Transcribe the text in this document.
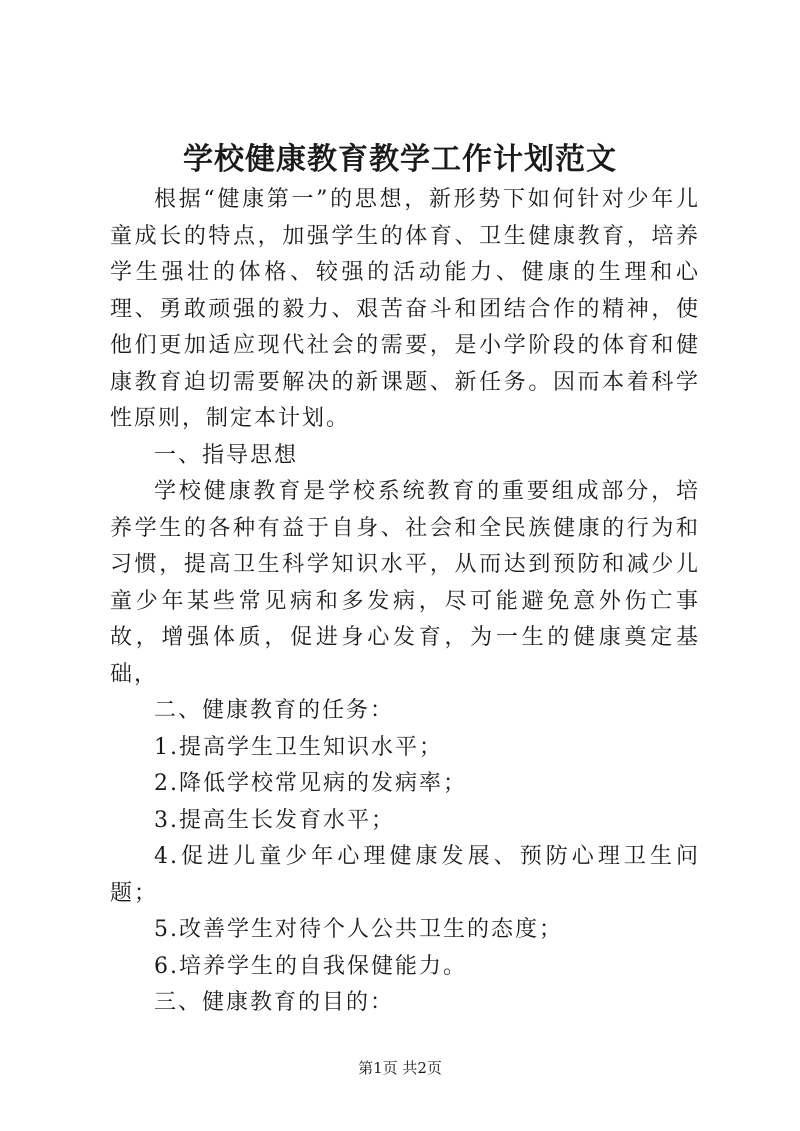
学校健康教育教学工作计划范文

根据“健康第一”的思想，新形势下如何针对少年儿童成长的特点，加强学生的体育、卫生健康教育，培养学生强壮的体格、较强的活动能力、健康的生理和心理、勇敢顽强的毅力、艰苦奋斗和团结合作的精神，使他们更加适应现代社会的需要，是小学阶段的体育和健康教育迫切需要解决的新课题、新任务。因而本着科学性原则，制定本计划。

一、指导思想

学校健康教育是学校系统教育的重要组成部分，培养学生的各种有益于自身、社会和全民族健康的行为和习惯，提高卫生科学知识水平，从而达到预防和减少儿童少年某些常见病和多发病，尽可能避免意外伤亡事故，增强体质，促进身心发育，为一生的健康奠定基础，

二、健康教育的任务：

1.提高学生卫生知识水平；

2.降低学校常见病的发病率；

3.提高生长发育水平；

4.促进儿童少年心理健康发展、预防心理卫生问题；

5.改善学生对待个人公共卫生的态度；

6.培养学生的自我保健能力。

三、健康教育的目的：

第1页 共2页
